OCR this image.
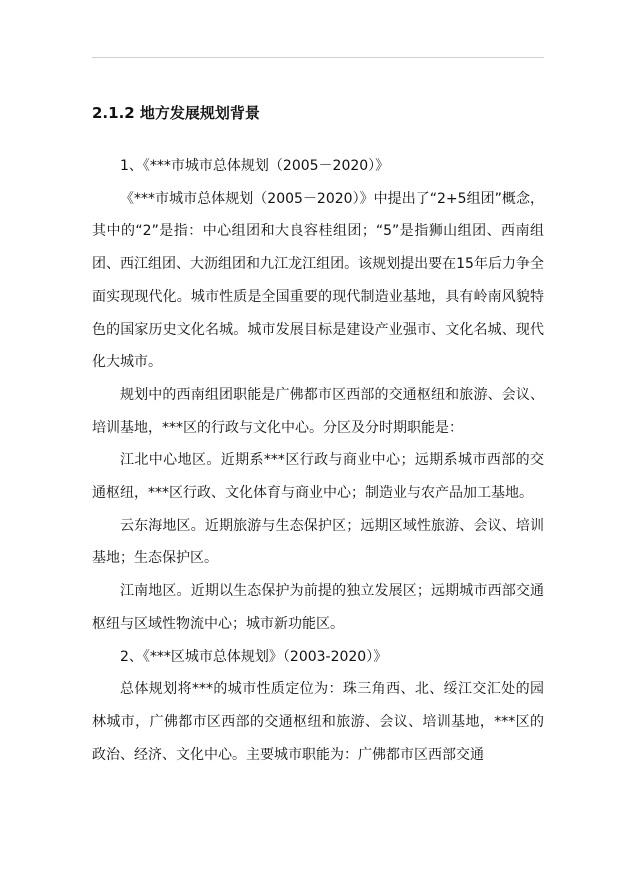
2.1.2 地方发展规划背景

1、《***市城市总体规划（2005－2020）》

《***市城市总体规划（2005－2020）》中提出了“2+5组团”概念，其中的“2”是指：中心组团和大良容桂组团；“5”是指狮山组团、西南组团、西江组团、大沥组团和九江龙江组团。该规划提出要在15年后力争全面实现现代化。城市性质是全国重要的现代制造业基地，具有岭南风貌特色的国家历史文化名城。城市发展目标是建设产业强市、文化名城、现代化大城市。

规划中的西南组团职能是广佛都市区西部的交通枢纽和旅游、会议、培训基地，***区的行政与文化中心。分区及分时期职能是：

江北中心地区。近期系***区行政与商业中心；远期系城市西部的交通枢纽，***区行政、文化体育与商业中心；制造业与农产品加工基地。

云东海地区。近期旅游与生态保护区；远期区域性旅游、会议、培训基地；生态保护区。

江南地区。近期以生态保护为前提的独立发展区；远期城市西部交通枢纽与区域性物流中心；城市新功能区。

2、《***区城市总体规划》（2003-2020）》

总体规划将***的城市性质定位为：珠三角西、北、绥江交汇处的园林城市，广佛都市区西部的交通枢纽和旅游、会议、培训基地，***区的政治、经济、文化中心。主要城市职能为：广佛都市区西部交通
